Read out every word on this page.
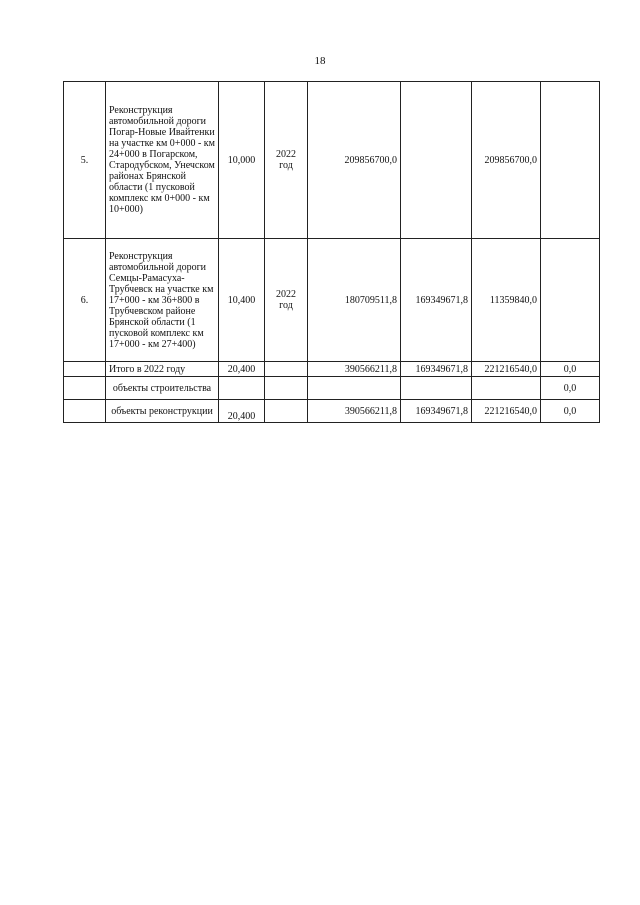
18
5.	Реконструкция автомобильной дороги Погар-Новые Ивайтенки на участке км 0+000 - км 24+000 в Погарском, Стародубском, Унечском районах Брянской области (1 пусковой комплекс км 0+000 - км 10+000)	10,000	2022 год	209856700,0		209856700,0	
6.	Реконструкция автомобильной дороги Семцы-Рамасуха-Трубчевск на участке км 17+000 - км 36+800 в Трубчевском районе Брянской области (1 пусковой комплекс км 17+000 - км 27+400)	10,400	2022 год	180709511,8	169349671,8	11359840,0	
	Итого в 2022 году	20,400		390566211,8	169349671,8	221216540,0	0,0
	объекты строительства						0,0
	объекты реконструкции	20,400		390566211,8	169349671,8	221216540,0	0,0
